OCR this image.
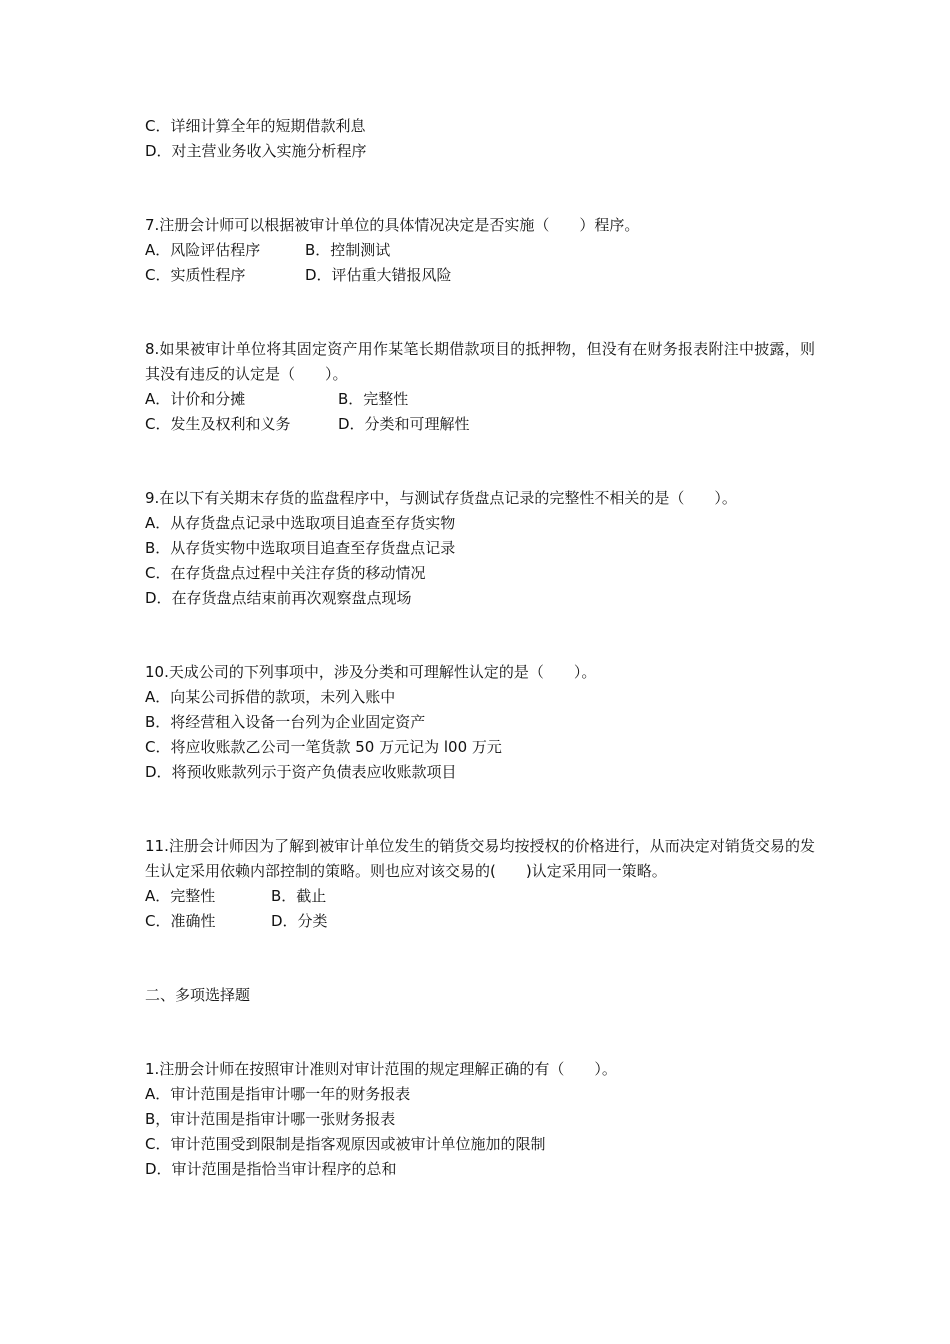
C．详细计算全年的短期借款利息
D．对主营业务收入实施分析程序
7.注册会计师可以根据被审计单位的具体情况决定是否实施（　　）程序。
A．风险评估程序	B．控制测试
C．实质性程序	D．评估重大错报风险
8.如果被审计单位将其固定资产用作某笔长期借款项目的抵押物，但没有在财务报表附注中披露，则其没有违反的认定是（　　）。
A．计价和分摊	B．完整性
C．发生及权利和义务	D．分类和可理解性
9.在以下有关期末存货的监盘程序中，与测试存货盘点记录的完整性不相关的是（　　）。
A．从存货盘点记录中选取项目追查至存货实物
B．从存货实物中选取项目追查至存货盘点记录
C．在存货盘点过程中关注存货的移动情况
D．在存货盘点结束前再次观察盘点现场
10.天成公司的下列事项中，涉及分类和可理解性认定的是（　　）。
A．向某公司拆借的款项，未列入账中
B．将经营租入设备一台列为企业固定资产
C．将应收账款乙公司一笔货款 50 万元记为 l00 万元
D．将预收账款列示于资产负债表应收账款项目
11.注册会计师因为了解到被审计单位发生的销货交易均按授权的价格进行，从而决定对销货交易的发生认定采用依赖内部控制的策略。则也应对该交易的(　　)认定采用同一策略。
A．完整性	B．截止
C．准确性	D．分类
二、多项选择题
1.注册会计师在按照审计准则对审计范围的规定理解正确的有（　　）。
A．审计范围是指审计哪一年的财务报表
B，审计范围是指审计哪一张财务报表
C．审计范围受到限制是指客观原因或被审计单位施加的限制
D．审计范围是指恰当审计程序的总和
